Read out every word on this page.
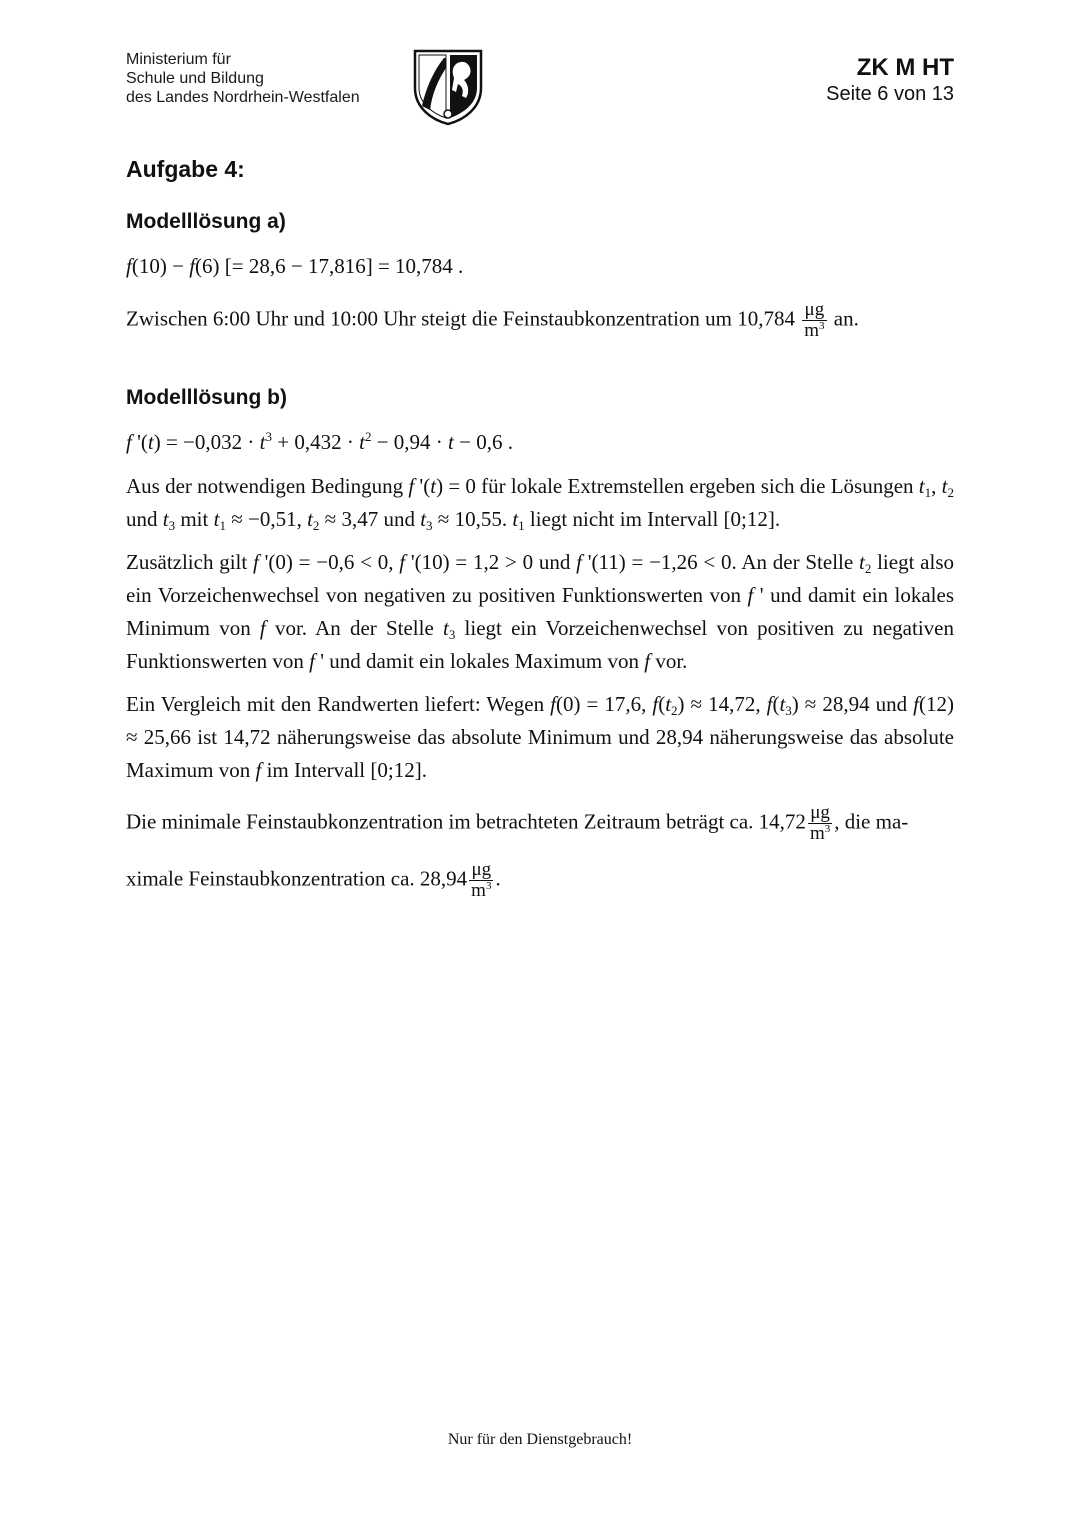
Ministerium für
Schule und Bildung
des Landes Nordrhein-Westfalen
ZK M HT
Seite 6 von 13
Aufgabe 4:
Modelllösung a)
f(10) − f(6) [= 28,6 − 17,816] = 10,784 .
Zwischen 6:00 Uhr und 10:00 Uhr steigt die Feinstaubkonzentration um $10,784 \frac{\mu g}{m^3}$ an.
Modelllösung b)
f '$(t) = -0,032 \cdot t^3 + 0,432 \cdot t^2 - 0,94 \cdot t - 0,6$ .
Aus der notwendigen Bedingung f '(t) = 0 für lokale Extremstellen ergeben sich die Lösungen $t_1$, $t_2$ und $t_3$ mit $t_1 \approx -0,51$, $t_2 \approx 3,47$ und $t_3 \approx 10,55$. $t_1$ liegt nicht im Intervall [0;12].
Zusätzlich gilt f '(0) = −0,6 < 0, f '(10) = 1,2 > 0 und f '(11) = −1,26 < 0. An der Stelle $t_2$ liegt also ein Vorzeichenwechsel von negativen zu positiven Funktionswerten von f ' und damit ein lokales Minimum von f vor. An der Stelle $t_3$ liegt ein Vorzeichenwechsel von positiven zu negativen Funktionswerten von f ' und damit ein lokales Maximum von f vor.
Ein Vergleich mit den Randwerten liefert: Wegen f(0) = 17,6, $f(t_2) \approx 14,72$, $f(t_3) \approx 28,94$ und f(12) ≈ 25,66 ist 14,72 näherungsweise das absolute Minimum und 28,94 näherungsweise das absolute Maximum von f im Intervall [0;12].
Die minimale Feinstaubkonzentration im betrachteten Zeitraum beträgt ca. $14,72 \frac{\mu g}{m^3}$ , die ma-
ximale Feinstaubkonzentration ca. $28,94 \frac{\mu g}{m^3}$ .
Nur für den Dienstgebrauch!
